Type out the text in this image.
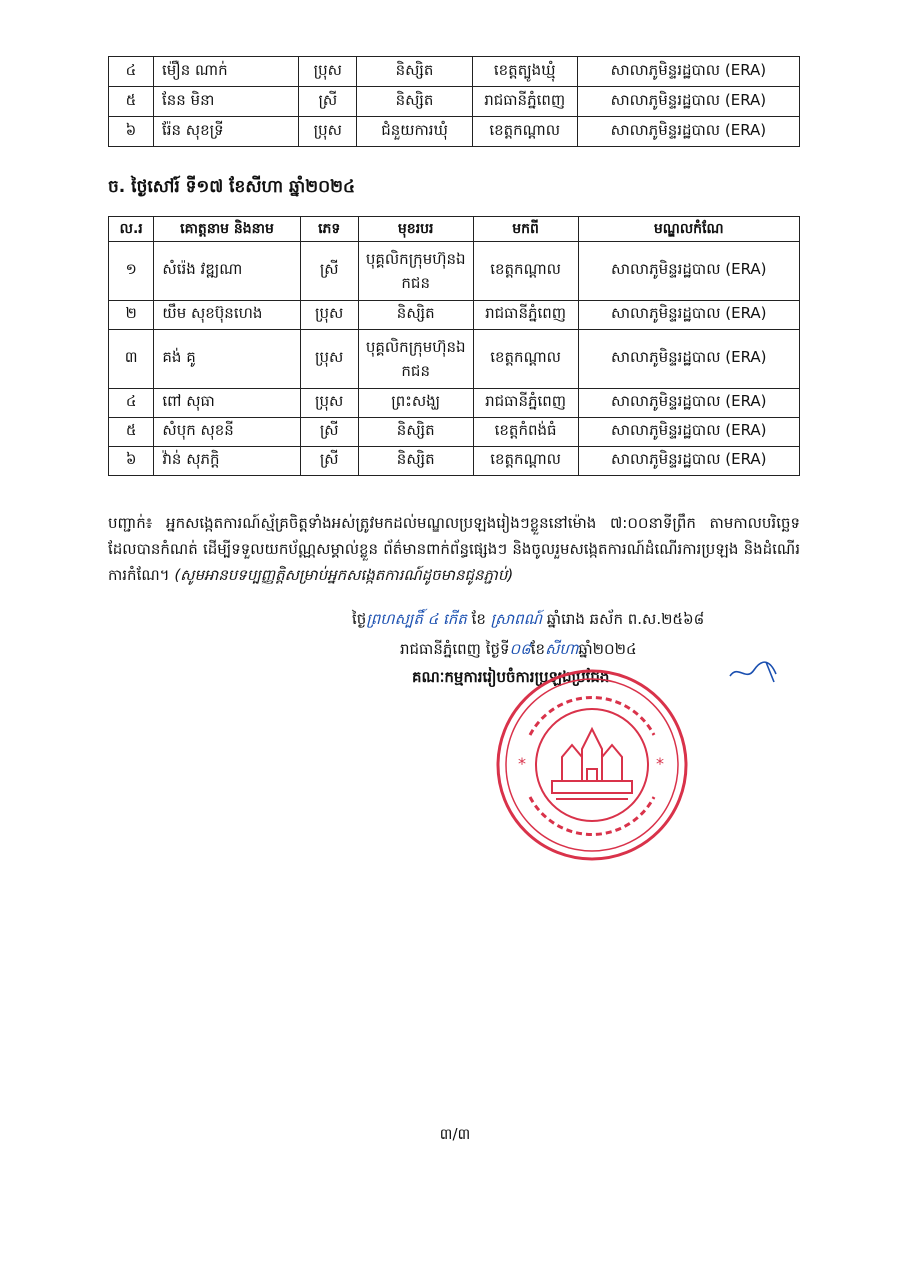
៤	ម៉ឿន ណាក់	ប្រុស	និស្សិត	ខេត្តត្បូងឃ្មុំ	សាលាភូមិន្ទរដ្ឋបាល (ERA)
៥	នែន មិនា	ស្រី	និស្សិត	រាជធានីភ្នំពេញ	សាលាភូមិន្ទរដ្ឋបាល (ERA)
៦	រ៉ែន សុខទ្រី	ប្រុស	ជំនួយការឃុំ	ខេត្តកណ្ដាល	សាលាភូមិន្ទរដ្ឋបាល (ERA)
ច. ថ្ងៃសៅរ៍ ទី១៧ ខែសីហា ឆ្នាំ២០២៤
ល.រ	គោត្តនាម និងនាម	ភេទ	មុខរបរ	មកពី	មណ្ឌលកំណែ
១	សំរ៉េង វឌ្ឍណា	ស្រី	បុគ្គលិកក្រុមហ៊ុនឯកជន	ខេត្តកណ្ដាល	សាលាភូមិន្ទរដ្ឋបាល (ERA)
២	យឹម សុខប៊ុនហេង	ប្រុស	និស្សិត	រាជធានីភ្នំពេញ	សាលាភូមិន្ទរដ្ឋបាល (ERA)
៣	គង់ គូ	ប្រុស	បុគ្គលិកក្រុមហ៊ុនឯកជន	ខេត្តកណ្ដាល	សាលាភូមិន្ទរដ្ឋបាល (ERA)
៤	ពៅ សុធា	ប្រុស	ព្រះសង្ឃ	រាជធានីភ្នំពេញ	សាលាភូមិន្ទរដ្ឋបាល (ERA)
៥	សំបុក សុខនី	ស្រី	និស្សិត	ខេត្តកំពង់ធំ	សាលាភូមិន្ទរដ្ឋបាល (ERA)
៦	វ៉ាន់ សុភក្ដិ	ស្រី	និស្សិត	ខេត្តកណ្ដាល	សាលាភូមិន្ទរដ្ឋបាល (ERA)
បញ្ជាក់៖ អ្នកសង្កេតការណ៍ស្ម័គ្រចិត្តទាំងអស់ត្រូវមកដល់មណ្ឌលប្រឡងរៀងៗខ្លួននៅម៉ោង ៧:០០នាទីព្រឹក តាមកាលបរិច្ឆេទដែលបានកំណត់ ដើម្បីទទួលយកប័ណ្ណសម្គាល់ខ្លួន ព័ត៌មានពាក់ព័ន្ធផ្សេងៗ និងចូលរួមសង្កេតការណ៍ដំណើរការប្រឡង និងដំណើរការកំណែ។ (សូមអានបទប្បញ្ញត្តិសម្រាប់អ្នកសង្កេតការណ៍ដូចមានជូនភ្ជាប់)
ថ្ងៃព្រហស្បតិ៍ ៤ កើត ខែ ស្រាពណ៍ ឆ្នាំរោង ឆស័ក ព.ស.២៥៦៨
រាជធានីភ្នំពេញ ថ្ងៃទី០៨ខែសីហាឆ្នាំ២០២៤
គណៈកម្មការរៀបចំការប្រឡងប្រជែង
*	*
៣/៣
